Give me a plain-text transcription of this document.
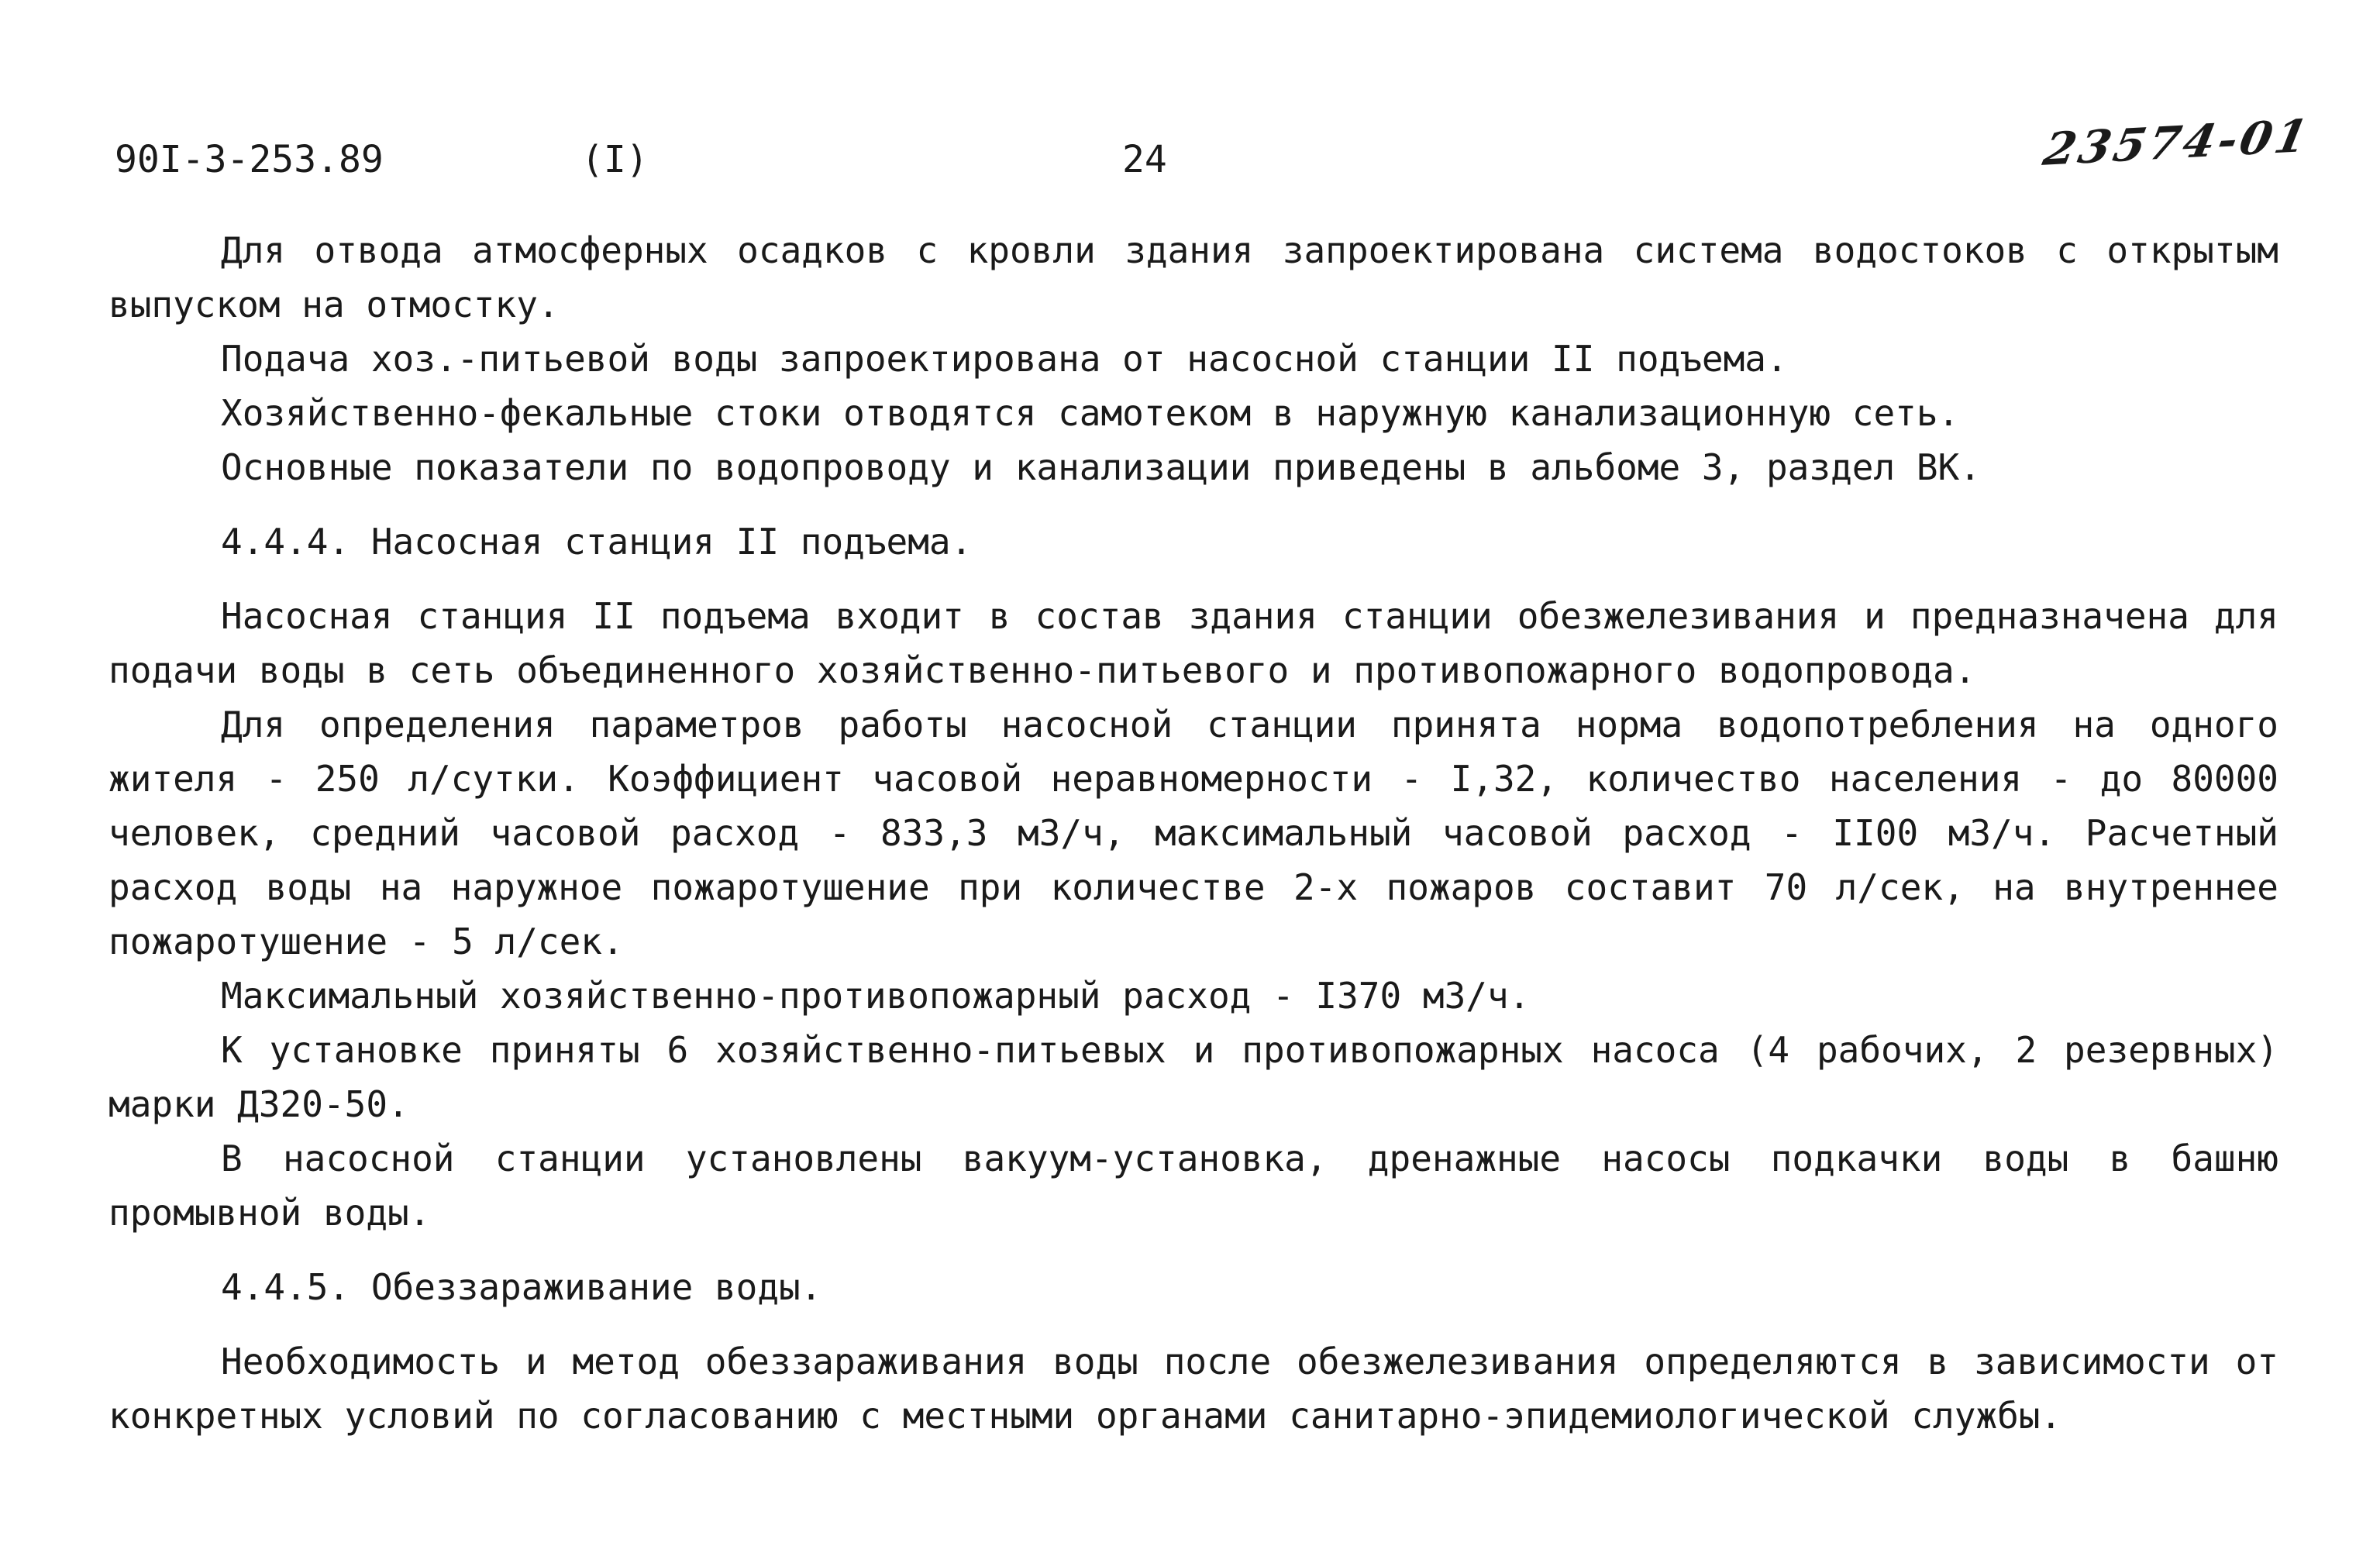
90I-3-253.89	(I)	24	23574-01

Для отвода атмосферных осадков с кровли здания запроектирована система водостоков с открытым выпуском на отмостку.

Подача хоз.-питьевой воды запроектирована от насосной станции II подъема.

Хозяйственно-фекальные стоки отводятся самотеком в наружную канализационную сеть.

Основные показатели по водопроводу и канализации приведены в альбоме 3, раздел ВК.

4.4.4. Насосная станция II подъема.

Насосная станция II подъема входит в состав здания станции обезжелезивания и предназначена для подачи воды в сеть объединенного хозяйственно-питьевого и противопожарного водопровода.

Для определения параметров работы насосной станции принята норма водопотребления на одного жителя - 250 л/сутки. Коэффициент часовой неравномерности - I,32, количество населения - до 80000 человек, средний часовой расход - 833,3 м3/ч, максимальный часовой расход - II00 м3/ч. Расчетный расход воды на наружное пожаротушение при количестве 2-х пожаров составит 70 л/сек, на внутреннее пожаротушение - 5 л/сек.

Максимальный хозяйственно-противопожарный расход - I370 м3/ч.

К установке приняты 6 хозяйственно-питьевых и противопожарных насоса (4 рабочих, 2 резервных) марки Д320-50.

В насосной станции установлены вакуум-установка, дренажные насосы подкачки воды в башню промывной воды.

4.4.5. Обеззараживание воды.

Необходимость и метод обеззараживания воды после обезжелезивания определяются в зависимости от конкретных условий по согласованию с местными органами санитарно-эпидемиологической службы.
